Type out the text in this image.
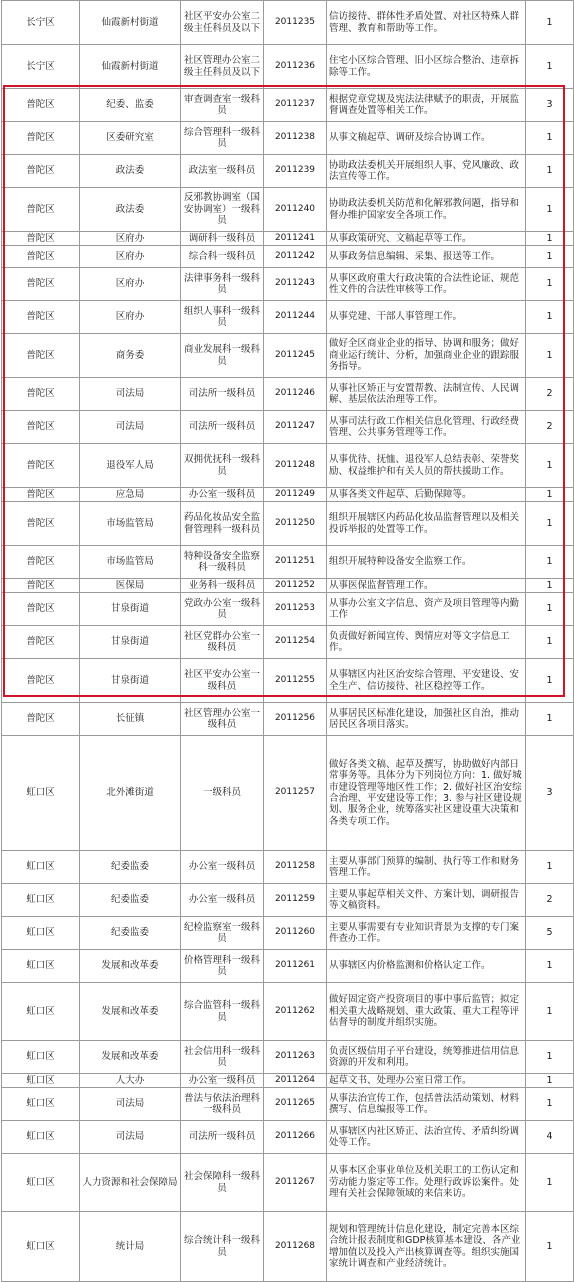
长宁区	仙霞新村街道	社区平安办公室二级主任科员及以下	2011235	信访接待、群体性矛盾处置、对社区特殊人群管理、教育和帮助等工作。	1
长宁区	仙霞新村街道	社区管理办公室二级主任科员及以下	2011236	住宅小区综合管理、旧小区综合整治、违章拆除等工作。	1
普陀区	纪委、监委	审查调查室一级科员	2011237	根据党章党规及宪法法律赋予的职责，开展监督调查处置等相关工作。	3
普陀区	区委研究室	综合管理科一级科员	2011238	从事文稿起草、调研及综合协调工作。	1
普陀区	政法委	政法室一级科员	2011239	协助政法委机关开展组织人事、党风廉政、政法宣传等工作。	1
普陀区	政法委	反邪教协调室（国安协调室）一级科员	2011240	协助政法委机关防范和化解邪教问题，指导和督办维护国家安全各项工作。	1
普陀区	区府办	调研科一级科员	2011241	从事政策研究、文稿起草等工作。	1
普陀区	区府办	综合科一级科员	2011242	从事政务信息编辑、采集、报送等工作。	1
普陀区	区府办	法律事务科一级科员	2011243	从事区政府重大行政决策的合法性论证、规范性文件的合法性审核等工作。	1
普陀区	区府办	组织人事科一级科员	2011244	从事党建、干部人事管理工作。	1
普陀区	商务委	商业发展科一级科员	2011245	做好全区商业企业的指导、协调和服务；做好商业运行统计、分析，加强商业企业的跟踪服务指导。	1
普陀区	司法局	司法所一级科员	2011246	从事社区矫正与安置帮教、法制宣传、人民调解、基层依法治理等工作。	2
普陀区	司法局	司法所一级科员	2011247	从事司法行政工作相关信息化管理、行政经费管理、公共事务管理等工作。	2
普陀区	退役军人局	双拥优抚科一级科员	2011248	从事优待、抚恤、退役军人总结表彰、荣誉奖励、权益维护和有关人员的帮扶援助工作。	1
普陀区	应急局	办公室一级科员	2011249	从事各类文件起草、后勤保障等。	1
普陀区	市场监管局	药品化妆品安全监督管理科一级科员	2011250	组织开展辖区内药品化妆品监督管理以及相关投诉举报的处置等工作。	1
普陀区	市场监管局	特种设备安全监察科一级科员	2011251	组织开展特种设备安全监察工作。	1
普陀区	医保局	业务科一级科员	2011252	从事医保监督管理工作。	1
普陀区	甘泉街道	党政办公室一级科员	2011253	从事办公室文字信息、资产及项目管理等内勤工作	1
普陀区	甘泉街道	社区党群办公室一级科员	2011254	负责做好新闻宣传、舆情应对等文字信息工作。	1
普陀区	甘泉街道	社区平安办公室一级科员	2011255	从事辖区内社区治安综合管理、平安建设、安全生产、信访接待、社区稳控等工作。	1
普陀区	长征镇	社区管理办公室一级科员	2011256	从事居民区标准化建设，加强社区自治，推动居民区各项目落实。	1
虹口区	北外滩街道	一级科员	2011257	做好各类文稿、起草及撰写，协助做好内部日常事务等。具体分为下列岗位方向：1. 做好城市建设管理等地区性工作；2. 做好社区治安综合治理、平安建设等工作；3. 参与社区建设规划、服务企业，统筹落实社区建设重大决策和各类专项工作。	3
虹口区	纪委监委	办公室一级科员	2011258	主要从事部门预算的编制、执行等工作和财务管理工作。	1
虹口区	纪委监委	办公室一级科员	2011259	主要从事起草相关文件、方案计划、调研报告等文稿资料。	2
虹口区	纪委监委	纪检监察室一级科员	2011260	主要从事需要有专业知识背景为支撑的专门案件查办工作。	5
虹口区	发展和改革委	价格管理科一级科员	2011261	从事辖区内价格监测和价格认定工作。	1
虹口区	发展和改革委	综合监管科一级科员	2011262	做好固定资产投资项目的事中事后监管；拟定相关重大战略规划、重大政策、重大工程等评估督导的制度并组织实施。	1
虹口区	发展和改革委	社会信用科一级科员	2011263	负责区级信用子平台建设，统筹推进信用信息资源的开发和利用。	1
虹口区	人大办	办公室一级科员	2011264	起草文书、处理办公室日常工作。	1
虹口区	司法局	普法与依法治理科一级科员	2011265	从事法治宣传工作，包括普法活动策划、材料撰写、信息编报等工作。	1
虹口区	司法局	司法所一级科员	2011266	从事辖区内社区矫正、法治宣传、矛盾纠纷调处等工作。	4
虹口区	人力资源和社会保障局	社会保障科一级科员	2011267	从事本区企事业单位及机关职工的工伤认定和劳动能力鉴定等工作。处理行政诉讼案件。处理有关社会保障领域的来信来访。	1
虹口区	统计局	综合统计科一级科员	2011268	规划和管理统计信息化建设，制定完善本区综合统计报表制度和GDP核算基本建设、各产业增加值以及投入产出核算调查等。组织实施国家统计调查和产业经济统计。	1
